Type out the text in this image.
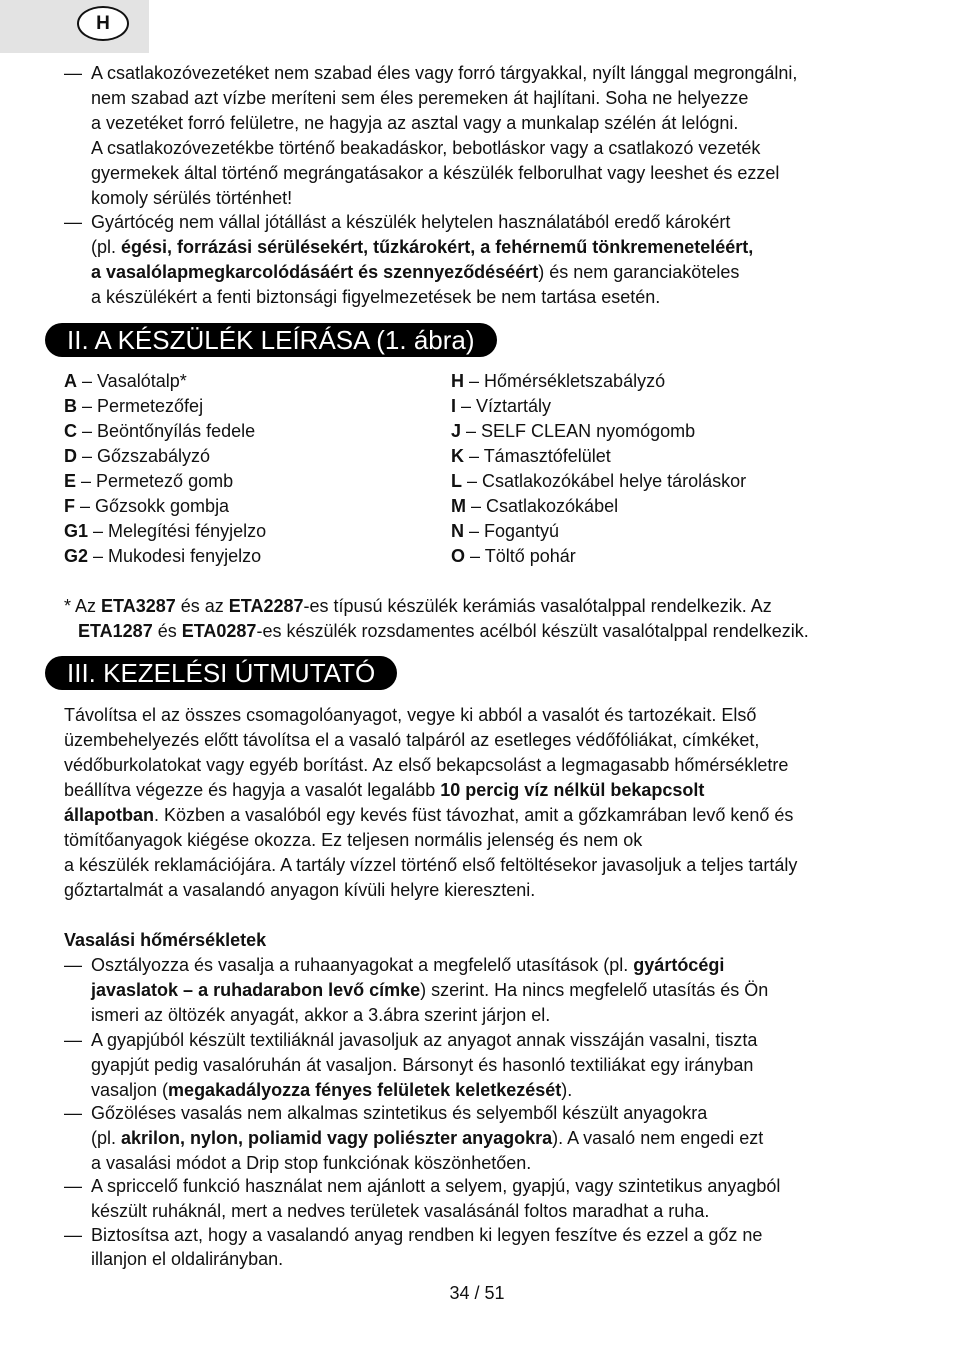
H
— A csatlakozóvezetéket nem szabad éles vagy forró tárgyakkal, nyílt lánggal megrongálni,
nem szabad azt vízbe meríteni sem éles peremeken át hajlítani. Soha ne helyezze
a vezetéket forró felületre, ne hagyja az asztal vagy a munkalap szélén át lelógni.
A csatlakozóvezetékbe történő beakadáskor, bebotláskor vagy a csatlakozó vezeték
gyermekek által történő megrángatásakor a készülék felborulhat vagy leeshet és ezzel
komoly sérülés történhet!
— Gyártócég nem vállal jótállást a készülék helytelen használatából eredő károkért
(pl. égési, forrázási sérülésekért, tűzkárokért, a fehérnemű tönkremeneteléért,
a vasalólapmegkarcolódásáért és szennyeződéséért) és nem garanciaköteles
a készülékért a fenti biztonsági figyelmezetések be nem tartása esetén.
II. A KÉSZÜLÉK LEÍRÁSA (1. ábra)
A – Vasalótalp*
B – Permetezőfej
C – Beöntőnyílás fedele
D – Gőzszabályzó
E – Permetező gomb
F – Gőzsokk gombja
G1 – Melegítési fényjelzo
G2 – Mukodesi fenyjelzo
H – Hőmérsékletszabályzó
I – Víztartály
J – SELF CLEAN nyomógomb
K – Támasztófelület
L – Csatlakozókábel helye tároláskor
M – Csatlakozókábel
N – Fogantyú
O – Töltő pohár
* Az ETA3287 és az ETA2287-es típusú készülék kerámiás vasalótalppal rendelkezik. Az
ETA1287 és ETA0287-es készülék rozsdamentes acélból készült vasalótalppal rendelkezik.
III. KEZELÉSI ÚTMUTATÓ
Távolítsa el az összes csomagolóanyagot, vegye ki abból a vasalót és tartozékait. Első
üzembehelyezés előtt távolítsa el a vasaló talpáról az esetleges védőfóliákat, címkéket,
védőburkolatokat vagy egyéb borítást. Az első bekapcsolást a legmagasabb hőmérsékletre
beállítva végezze és hagyja a vasalót legalább 10 percig víz nélkül bekapcsolt
állapotban. Közben a vasalóból egy kevés füst távozhat, amit a gőzkamrában levő kenő és
tömítőanyagok kiégése okozza. Ez teljesen normális jelenség és nem ok
a készülék reklamációjára. A tartály vízzel történő első feltöltésekor javasoljuk a teljes tartály
gőztartalmát a vasalandó anyagon kívüli helyre kiereszteni.
Vasalási hőmérsékletek
— Osztályozza és vasalja a ruhaanyagokat a megfelelő utasítások (pl. gyártócégi
javaslatok – a ruhadarabon levő címke) szerint. Ha nincs megfelelő utasítás és Ön
ismeri az öltözék anyagát, akkor a 3.ábra szerint járjon el.
— A gyapjúból készült textiliáknál javasoljuk az anyagot annak visszáján vasalni, tiszta
gyapjút pedig vasalóruhán át vasaljon. Bársonyt és hasonló textiliákat egy irányban
vasaljon (megakadályozza fényes felületek keletkezését).
— Gőzöléses vasalás nem alkalmas szintetikus és selyemből készült anyagokra
(pl. akrilon, nylon, poliamid vagy poliészter anyagokra). A vasaló nem engedi ezt
a vasalási módot a Drip stop funkciónak köszönhetően.
— A spriccelő funkció használat nem ajánlott a selyem, gyapjú, vagy szintetikus anyagból
készült ruháknál, mert a nedves területek vasalásánál foltos maradhat a ruha.
— Biztosítsa azt, hogy a vasalandó anyag rendben ki legyen feszítve és ezzel a gőz ne
illanjon el oldalirányban.
34 / 51
